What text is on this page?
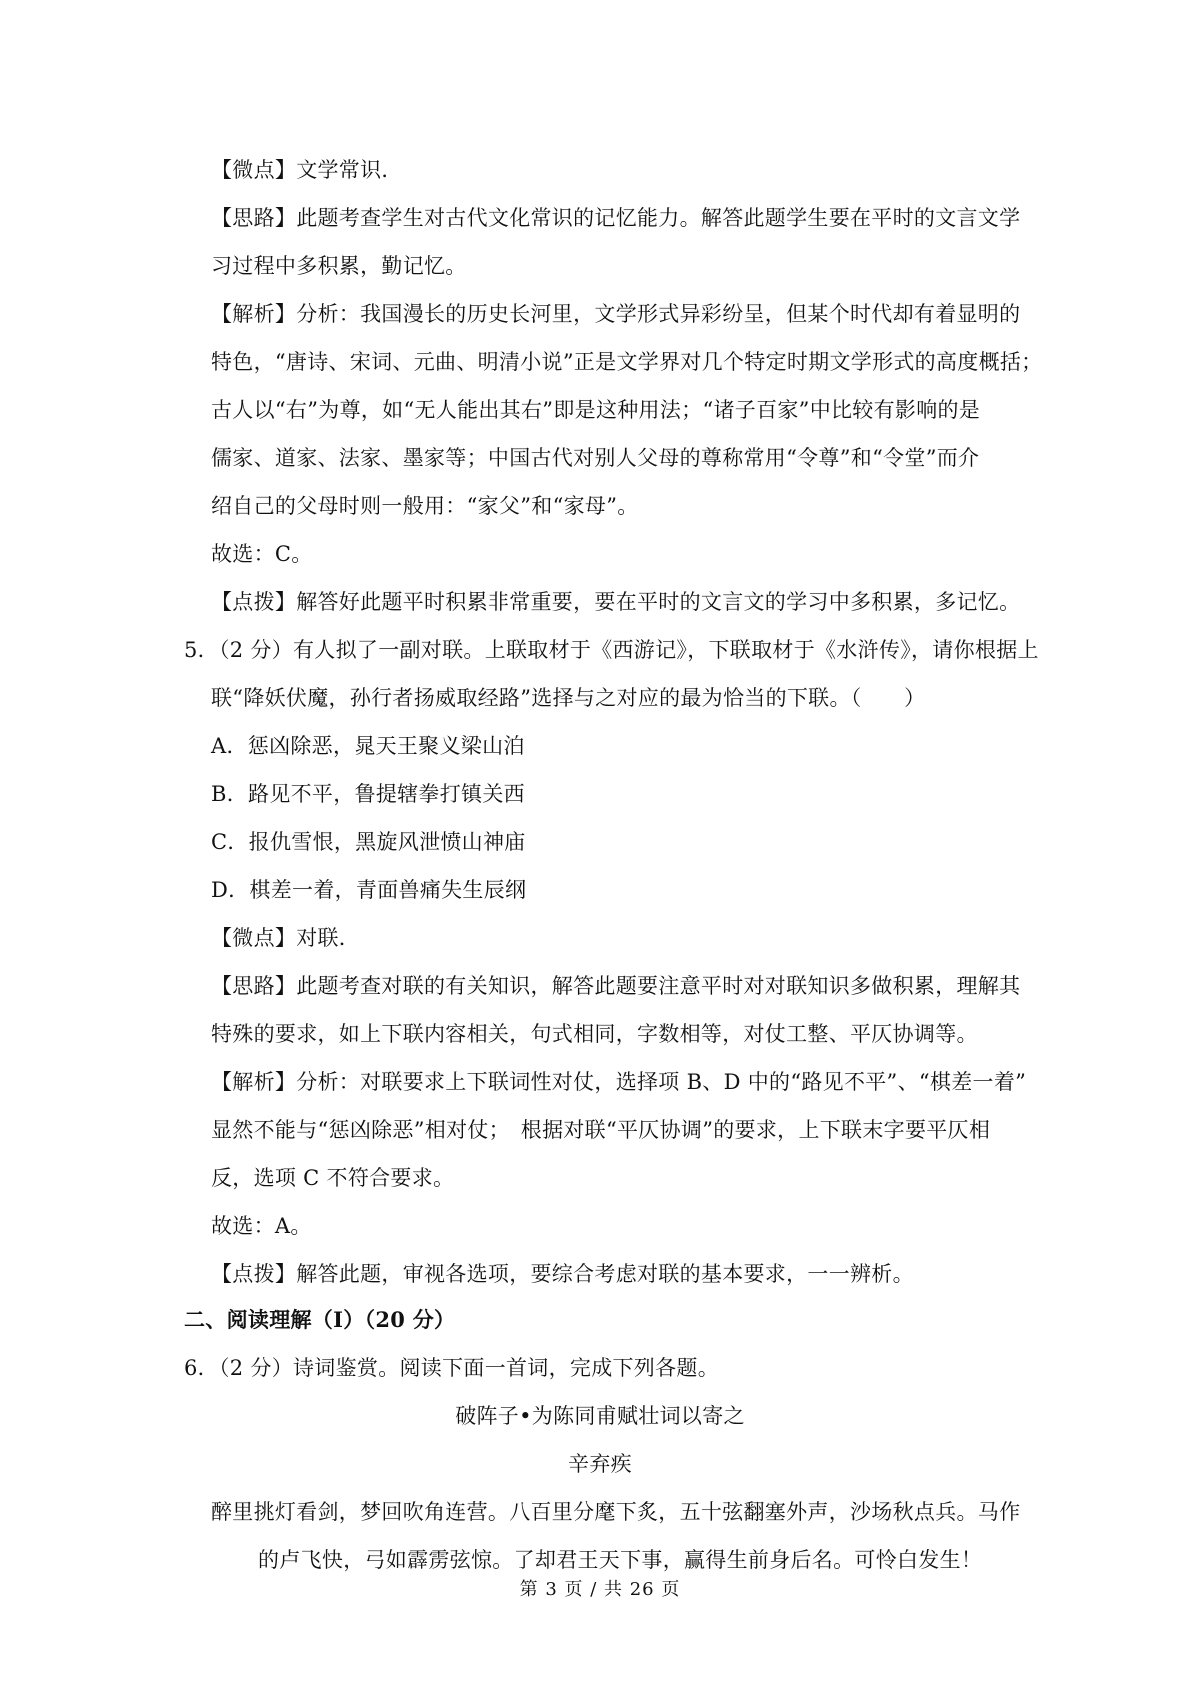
【微点】文学常识．
【思路】此题考查学生对古代文化常识的记忆能力。解答此题学生要在平时的文言文学
习过程中多积累，勤记忆。
【解析】分析：我国漫长的历史长河里，文学形式异彩纷呈，但某个时代却有着显明的
特色，“唐诗、宋词、元曲、明清小说”正是文学界对几个特定时期文学形式的高度概括；
古人以“右”为尊，如“无人能出其右”即是这种用法；“诸子百家”中比较有影响的是
儒家、道家、法家、墨家等；中国古代对别人父母的尊称常用“令尊”和“令堂”而介
绍自己的父母时则一般用：“家父”和“家母”。
故选：C。
【点拨】解答好此题平时积累非常重要，要在平时的文言文的学习中多积累，多记忆。
5．（2 分）有人拟了一副对联。上联取材于《西游记》，下联取材于《水浒传》，请你根据上
联“降妖伏魔，孙行者扬威取经路”选择与之对应的最为恰当的下联。（　　）
A．惩凶除恶，晁天王聚义梁山泊
B．路见不平，鲁提辖拳打镇关西
C．报仇雪恨，黑旋风泄愤山神庙
D．棋差一着，青面兽痛失生辰纲
【微点】对联．
【思路】此题考查对联的有关知识，解答此题要注意平时对对联知识多做积累，理解其
特殊的要求，如上下联内容相关，句式相同，字数相等，对仗工整、平仄协调等。
【解析】分析：对联要求上下联词性对仗，选择项 B、D 中的“路见不平”、“棋差一着”
显然不能与“惩凶除恶”相对仗；　根据对联“平仄协调”的要求，上下联末字要平仄相
反，选项 C 不符合要求。
故选：A。
【点拨】解答此题，审视各选项，要综合考虑对联的基本要求，一一辨析。
二、阅读理解（Ⅰ）（20 分）
6．（2 分）诗词鉴赏。阅读下面一首词，完成下列各题。
破阵子•为陈同甫赋壮词以寄之
辛弃疾
醉里挑灯看剑，梦回吹角连营。八百里分麾下炙，五十弦翻塞外声，沙场秋点兵。马作
的卢飞快，弓如霹雳弦惊。了却君王天下事，赢得生前身后名。可怜白发生！
第 3 页 / 共 26 页
